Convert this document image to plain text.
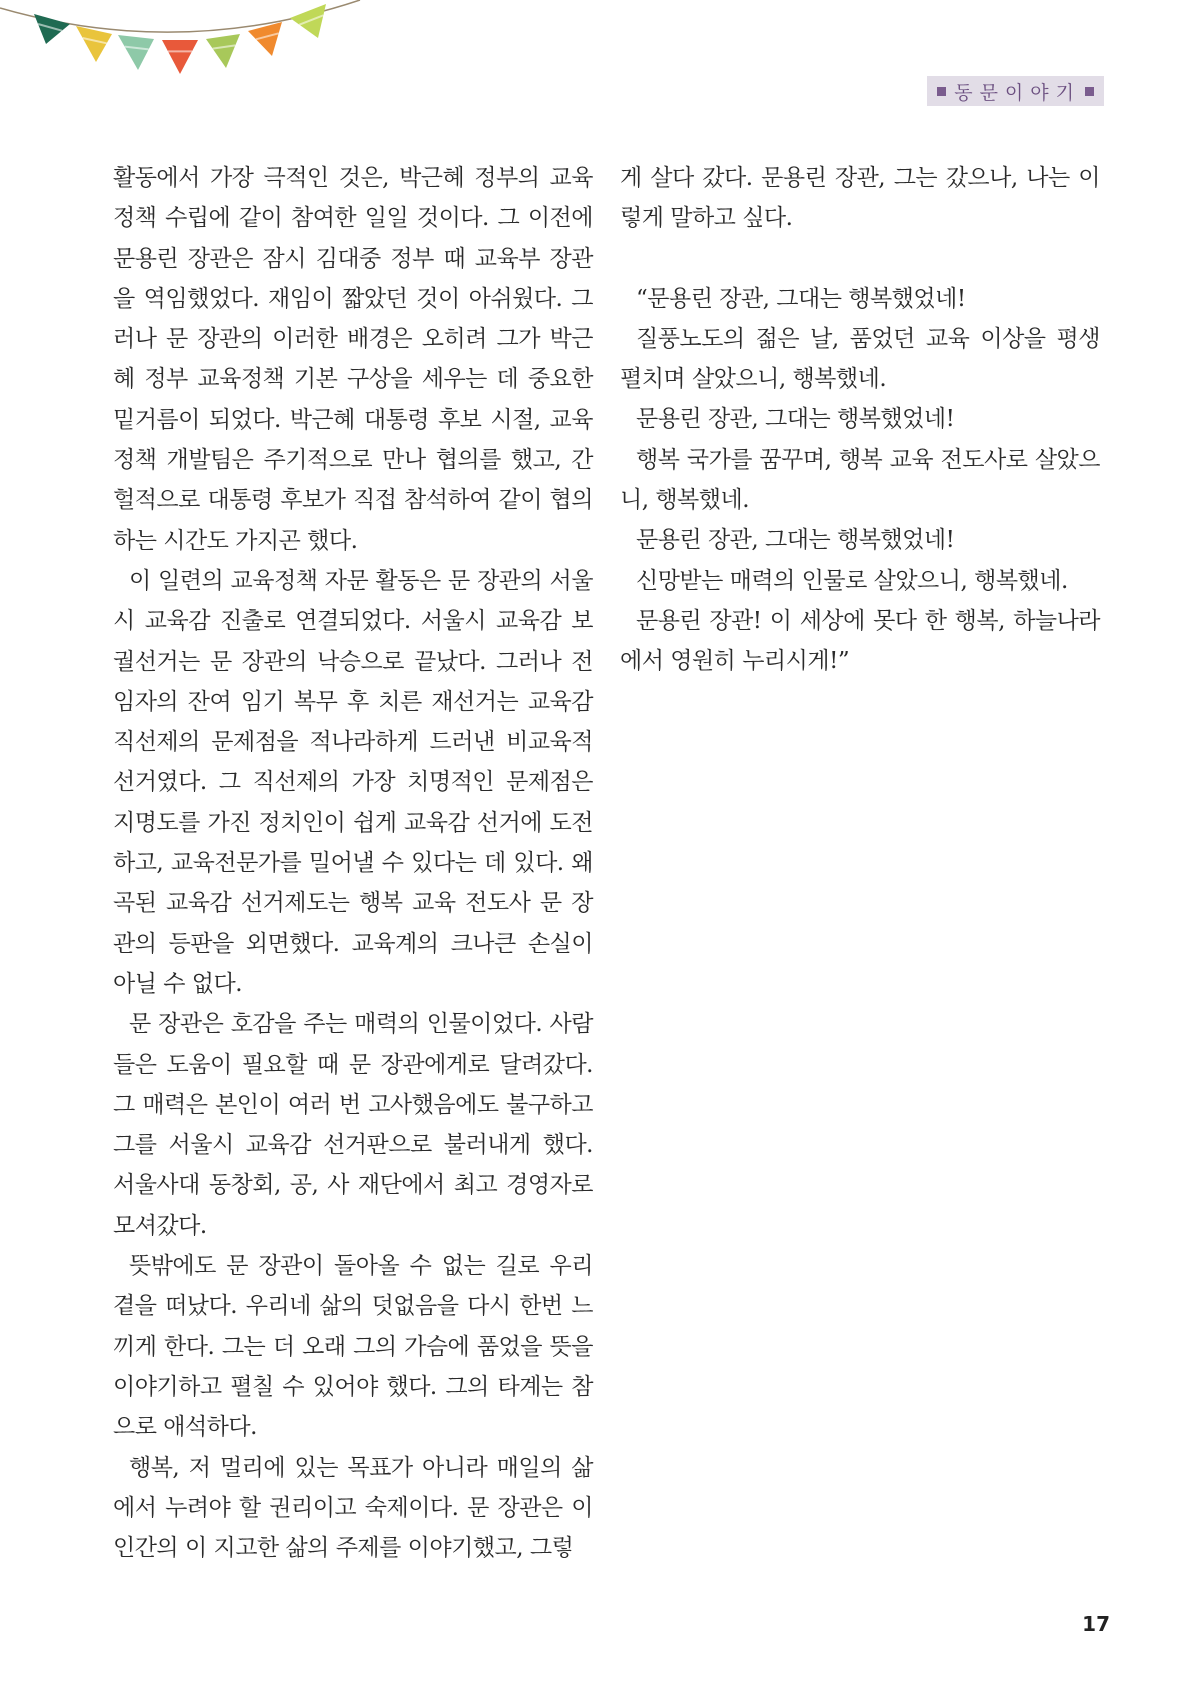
동문이야기

활동에서 가장 극적인 것은, 박근혜 정부의 교육정책 수립에 같이 참여한 일일 것이다. 그 이전에 문용린 장관은 잠시 김대중 정부 때 교육부 장관을 역임했었다. 재임이 짧았던 것이 아쉬웠다. 그러나 문 장관의 이러한 배경은 오히려 그가 박근혜 정부 교육정책 기본 구상을 세우는 데 중요한 밑거름이 되었다. 박근혜 대통령 후보 시절, 교육정책 개발팀은 주기적으로 만나 협의를 했고, 간헐적으로 대통령 후보가 직접 참석하여 같이 협의하는 시간도 가지곤 했다.

이 일련의 교육정책 자문 활동은 문 장관의 서울시 교육감 진출로 연결되었다. 서울시 교육감 보궐선거는 문 장관의 낙승으로 끝났다. 그러나 전임자의 잔여 임기 복무 후 치른 재선거는 교육감 직선제의 문제점을 적나라하게 드러낸 비교육적 선거였다. 그 직선제의 가장 치명적인 문제점은 지명도를 가진 정치인이 쉽게 교육감 선거에 도전하고, 교육전문가를 밀어낼 수 있다는 데 있다. 왜곡된 교육감 선거제도는 행복 교육 전도사 문 장관의 등판을 외면했다. 교육계의 크나큰 손실이 아닐 수 없다.

문 장관은 호감을 주는 매력의 인물이었다. 사람들은 도움이 필요할 때 문 장관에게로 달려갔다. 그 매력은 본인이 여러 번 고사했음에도 불구하고 그를 서울시 교육감 선거판으로 불러내게 했다. 서울사대 동창회, 공, 사 재단에서 최고 경영자로 모셔갔다.

뜻밖에도 문 장관이 돌아올 수 없는 길로 우리 곁을 떠났다. 우리네 삶의 덧없음을 다시 한번 느끼게 한다. 그는 더 오래 그의 가슴에 품었을 뜻을 이야기하고 펼칠 수 있어야 했다. 그의 타계는 참으로 애석하다.

행복, 저 멀리에 있는 목표가 아니라 매일의 삶에서 누려야 할 권리이고 숙제이다. 문 장관은 이 인간의 이 지고한 삶의 주제를 이야기했고, 그렇

게 살다 갔다. 문용린 장관, 그는 갔으나, 나는 이렇게 말하고 싶다.

“문용린 장관, 그대는 행복했었네!

질풍노도의 젊은 날, 품었던 교육 이상을 평생 펼치며 살았으니, 행복했네.

문용린 장관, 그대는 행복했었네!

행복 국가를 꿈꾸며, 행복 교육 전도사로 살았으니, 행복했네.

문용린 장관, 그대는 행복했었네!

신망받는 매력의 인물로 살았으니, 행복했네.

문용린 장관! 이 세상에 못다 한 행복, 하늘나라에서 영원히 누리시게!”

17
